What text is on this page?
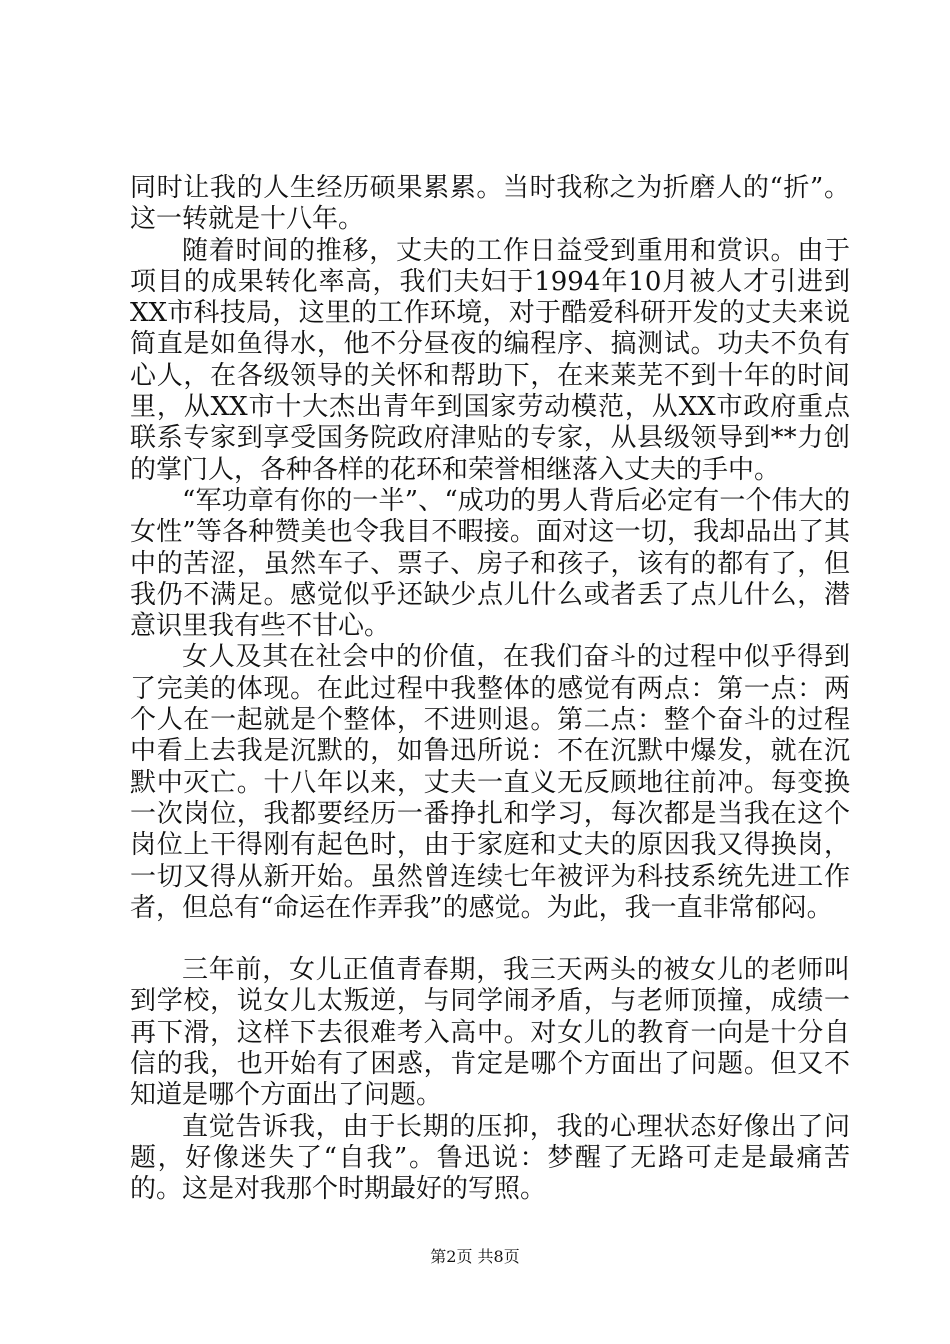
同时让我的人生经历硕果累累。当时我称之为折磨人的“折”。这一转就是十八年。

随着时间的推移，丈夫的工作日益受到重用和赏识。由于项目的成果转化率高，我们夫妇于1994年10月被人才引进到XX市科技局，这里的工作环境，对于酷爱科研开发的丈夫来说简直是如鱼得水，他不分昼夜的编程序、搞测试。功夫不负有心人，在各级领导的关怀和帮助下，在来莱芜不到十年的时间里，从XX市十大杰出青年到国家劳动模范，从XX市政府重点联系专家到享受国务院政府津贴的专家，从县级领导到**力创的掌门人，各种各样的花环和荣誉相继落入丈夫的手中。

“军功章有你的一半”、“成功的男人背后必定有一个伟大的女性”等各种赞美也令我目不暇接。面对这一切，我却品出了其中的苦涩，虽然车子、票子、房子和孩子，该有的都有了，但我仍不满足。感觉似乎还缺少点儿什么或者丢了点儿什么，潜意识里我有些不甘心。

女人及其在社会中的价值，在我们奋斗的过程中似乎得到了完美的体现。在此过程中我整体的感觉有两点：第一点：两个人在一起就是个整体，不进则退。第二点：整个奋斗的过程中看上去我是沉默的，如鲁迅所说：不在沉默中爆发，就在沉默中灭亡。十八年以来，丈夫一直义无反顾地往前冲。每变换一次岗位，我都要经历一番挣扎和学习，每次都是当我在这个岗位上干得刚有起色时，由于家庭和丈夫的原因我又得换岗，一切又得从新开始。虽然曾连续七年被评为科技系统先进工作者，但总有“命运在作弄我”的感觉。为此，我一直非常郁闷。

三年前，女儿正值青春期，我三天两头的被女儿的老师叫到学校，说女儿太叛逆，与同学闹矛盾，与老师顶撞，成绩一再下滑，这样下去很难考入高中。对女儿的教育一向是十分自信的我，也开始有了困惑，肯定是哪个方面出了问题。但又不知道是哪个方面出了问题。

直觉告诉我，由于长期的压抑，我的心理状态好像出了问题，好像迷失了“自我”。鲁迅说：梦醒了无路可走是最痛苦的。这是对我那个时期最好的写照。

第2页 共8页
